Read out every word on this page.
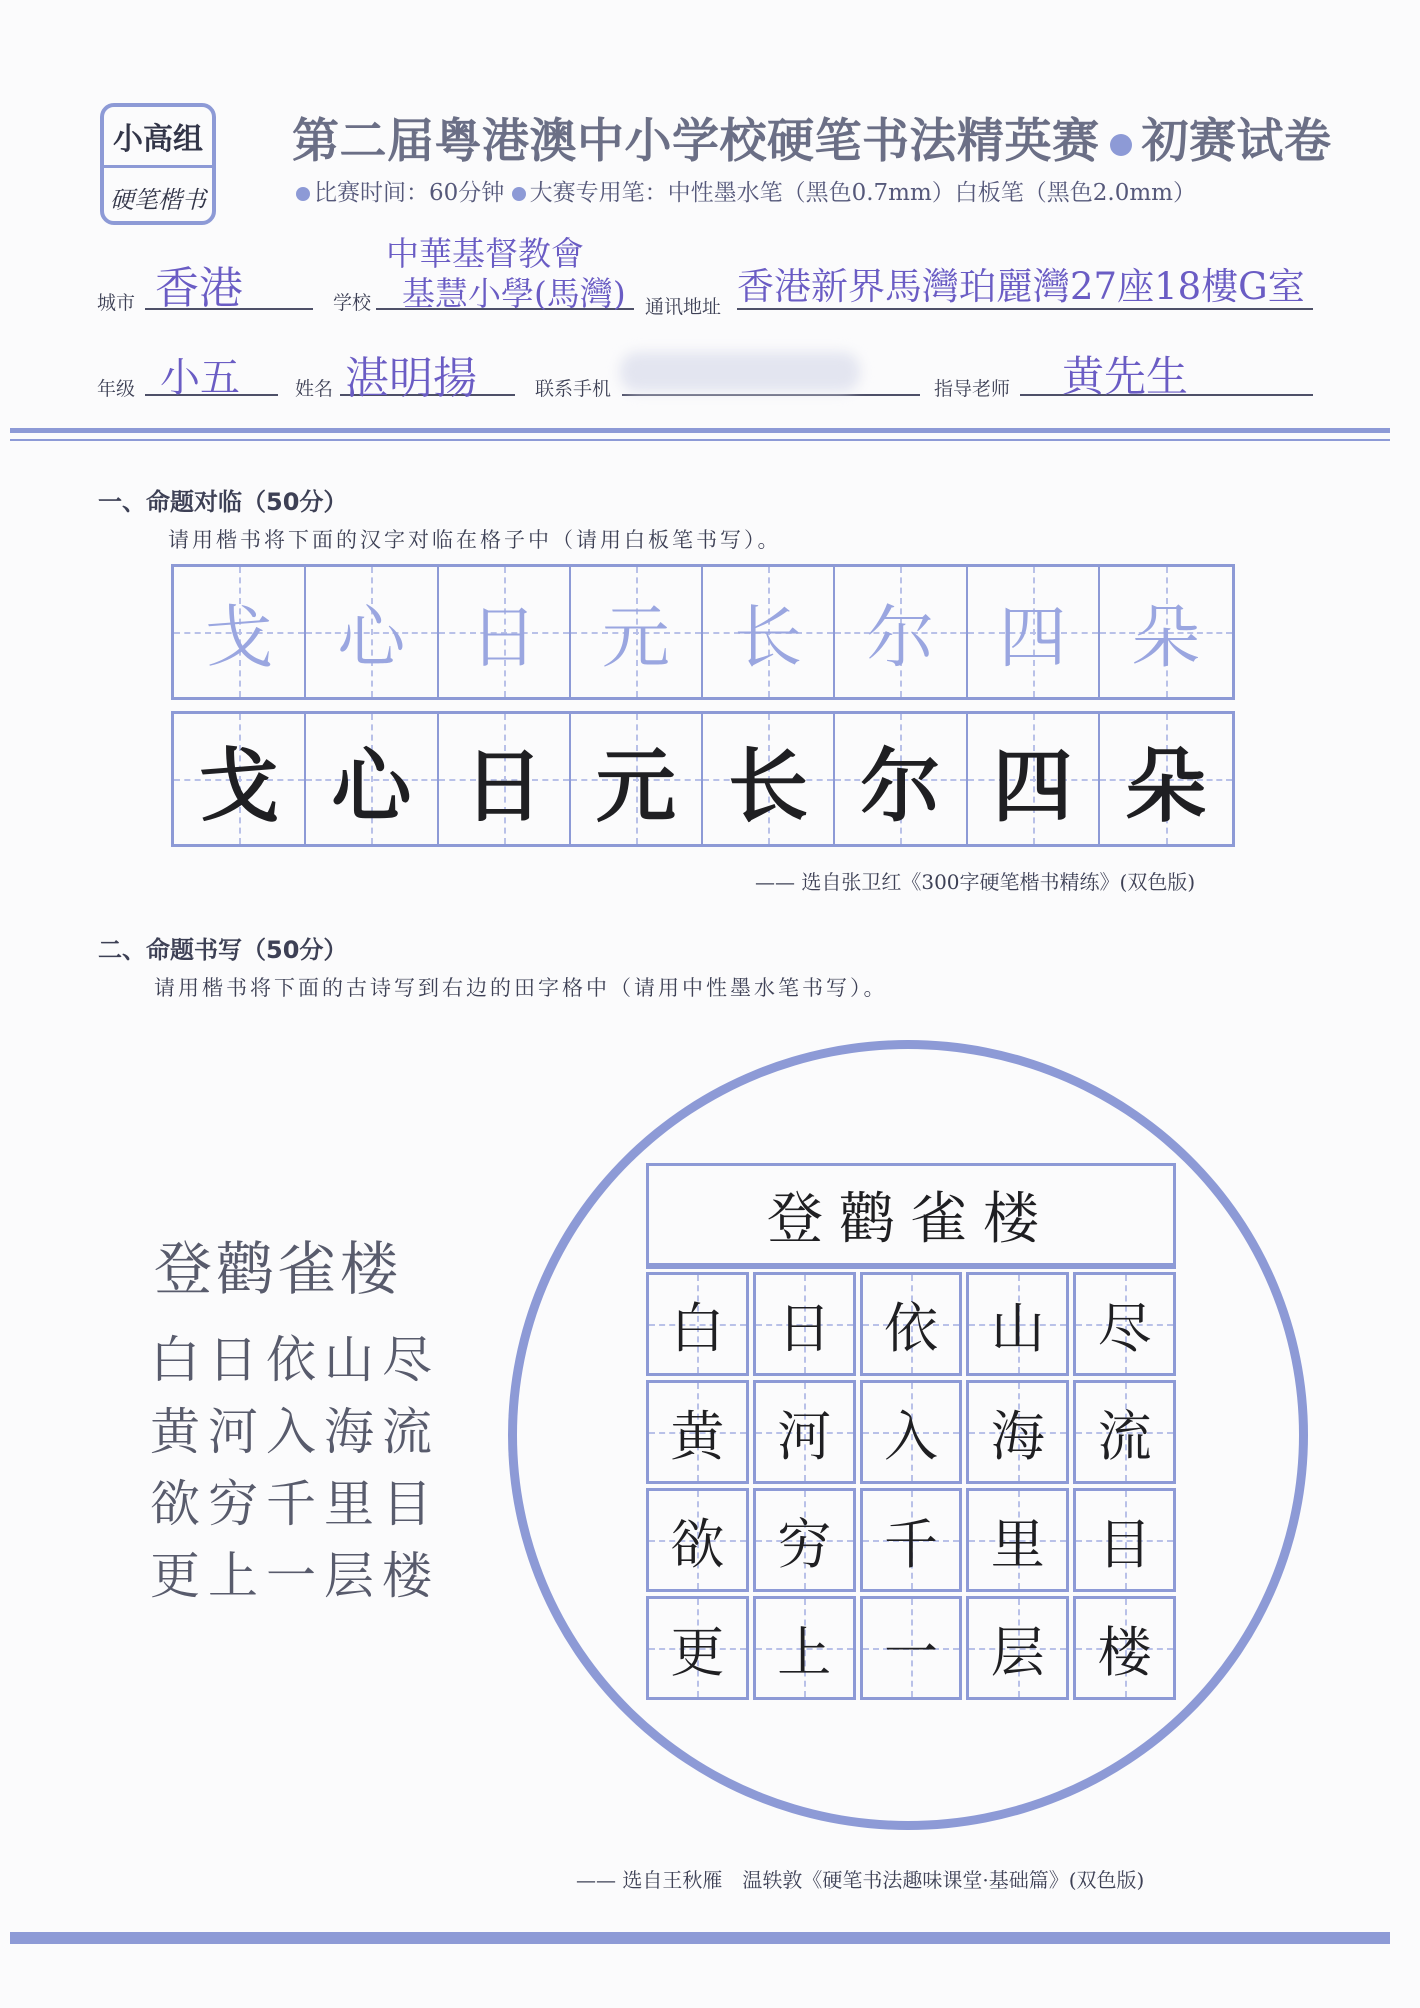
小高组
硬笔楷书
第二届粤港澳中小学校硬笔书法精英赛 初赛试卷
比赛时间：60分钟 大赛专用笔：中性墨水笔（黑色0.7mm）白板笔（黑色2.0mm）
城市 香港	学校
中華基督教會
基慧小學(馬灣) 通讯地址 香港新界馬灣珀麗灣27座18樓G室
年级 小五	姓名 湛明揚	联系手机	指导老师 黄先生
一、命题对临（50分）
请用楷书将下面的汉字对临在格子中（请用白板笔书写）。
戈 心 日 元 长 尔 四 朵
戈 心 日 元 长 尔 四 朵
—— 选自张卫红《300字硬笔楷书精练》(双色版)
二、命题书写（50分）
请用楷书将下面的古诗写到右边的田字格中（请用中性墨水笔书写）。
登鹳雀楼
白日依山尽
黄河入海流
欲穷千里目
更上一层楼
登鹳雀楼
白 日 依 山 尽
黄 河 入 海 流
欲 穷 千 里 目
更 上 一 层 楼
—— 选自王秋雁　温轶敦《硬笔书法趣味课堂·基础篇》(双色版)
